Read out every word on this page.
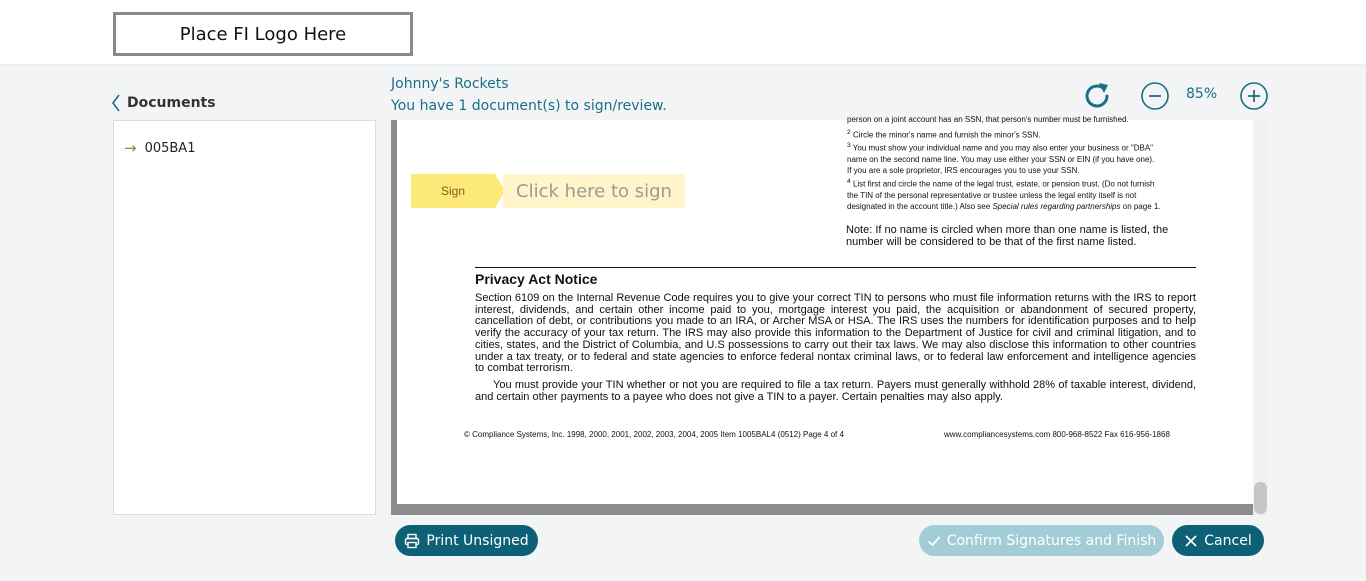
Place FI Logo Here
Documents
→ 005BA1
Johnny's Rockets
You have 1 document(s) to sign/review.
85%
person on a joint account has an SSN, that person's number must be furnished.
$^2$ Circle the minor's name and furnish the minor's SSN.
$^3$ You must show your individual name and you may also enter your business or "DBA"
name on the second name line. You may use either your SSN or EIN (if you have one).
If you are a sole proprietor, IRS encourages you to use your SSN.
$^4$ List first and circle the name of the legal trust, estate, or pension trust. (Do not furnish
the TIN of the personal representative or trustee unless the legal entity itself is not
designated in the account title.) Also see Special rules regarding partnerships on page 1.
Note: If no name is circled when more than one name is listed, the
number will be considered to be that of the first name listed.
Privacy Act Notice
Section 6109 on the Internal Revenue Code requires you to give your correct TIN to persons who must file information returns with the IRS to report interest, dividends, and certain other income paid to you, mortgage interest you paid, the acquisition or abandonment of secured property, cancellation of debt, or contributions you made to an IRA, or Archer MSA or HSA. The IRS uses the numbers for identification purposes and to help verify the accuracy of your tax return. The IRS may also provide this information to the Department of Justice for civil and criminal litigation, and to cities, states, and the District of Columbia, and U.S possessions to carry out their tax laws. We may also disclose this information to other countries under a tax treaty, or to federal and state agencies to enforce federal nontax criminal laws, or to federal law enforcement and intelligence agencies to combat terrorism.
You must provide your TIN whether or not you are required to file a tax return. Payers must generally withhold 28% of taxable interest, dividend, and certain other payments to a payee who does not give a TIN to a payer. Certain penalties may also apply.
© Compliance Systems, Inc. 1998, 2000, 2001, 2002, 2003, 2004, 2005 Item 1005BAL4 (0512) Page 4 of 4	www.compliancesystems.com 800-968-8522 Fax 616-956-1868
Sign	Click here to sign
Print Unsigned	Confirm Signatures and Finish	Cancel
